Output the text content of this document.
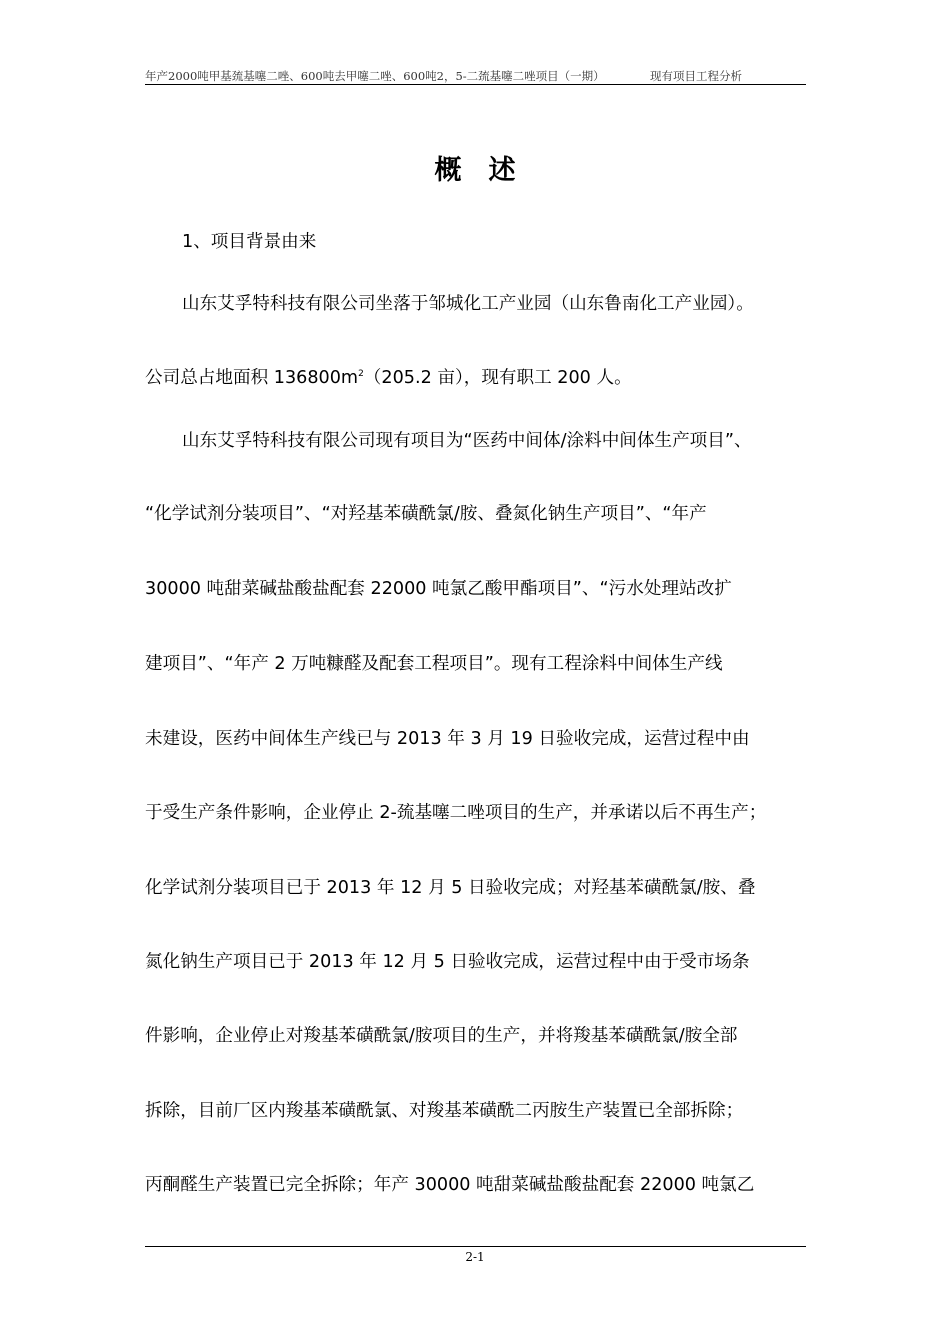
年产2000吨甲基巯基噻二唑、600吨去甲噻二唑、600吨2，5-二巯基噻二唑项目（一期）	现有项目工程分析
概　述
1、项目背景由来
山东艾孚特科技有限公司坐落于邹城化工产业园（山东鲁南化工产业园）。
公司总占地面积 $136800m^2(205.2$ 亩），现有职工 200 人。
山东艾孚特科技有限公司现有项目为“医药中间体/涂料中间体生产项目”、
“化学试剂分装项目”、“对羟基苯磺酰氯/胺、叠氮化钠生产项目”、“年产
30000 吨甜菜碱盐酸盐配套 22000 吨氯乙酸甲酯项目”、“污水处理站改扩
建项目”、“年产 2 万吨糠醛及配套工程项目”。现有工程涂料中间体生产线
未建设，医药中间体生产线已与 2013 年 3 月 19 日验收完成，运营过程中由
于受生产条件影响，企业停止 2-巯基噻二唑项目的生产，并承诺以后不再生产；
化学试剂分装项目已于 2013 年 12 月 5 日验收完成；对羟基苯磺酰氯/胺、叠
氮化钠生产项目已于 2013 年 12 月 5 日验收完成，运营过程中由于受市场条
件影响，企业停止对羧基苯磺酰氯/胺项目的生产，并将羧基苯磺酰氯/胺全部
拆除，目前厂区内羧基苯磺酰氯、对羧基苯磺酰二丙胺生产装置已全部拆除；
丙酮醛生产装置已完全拆除；年产 30000 吨甜菜碱盐酸盐配套 22000 吨氯乙
2-1
